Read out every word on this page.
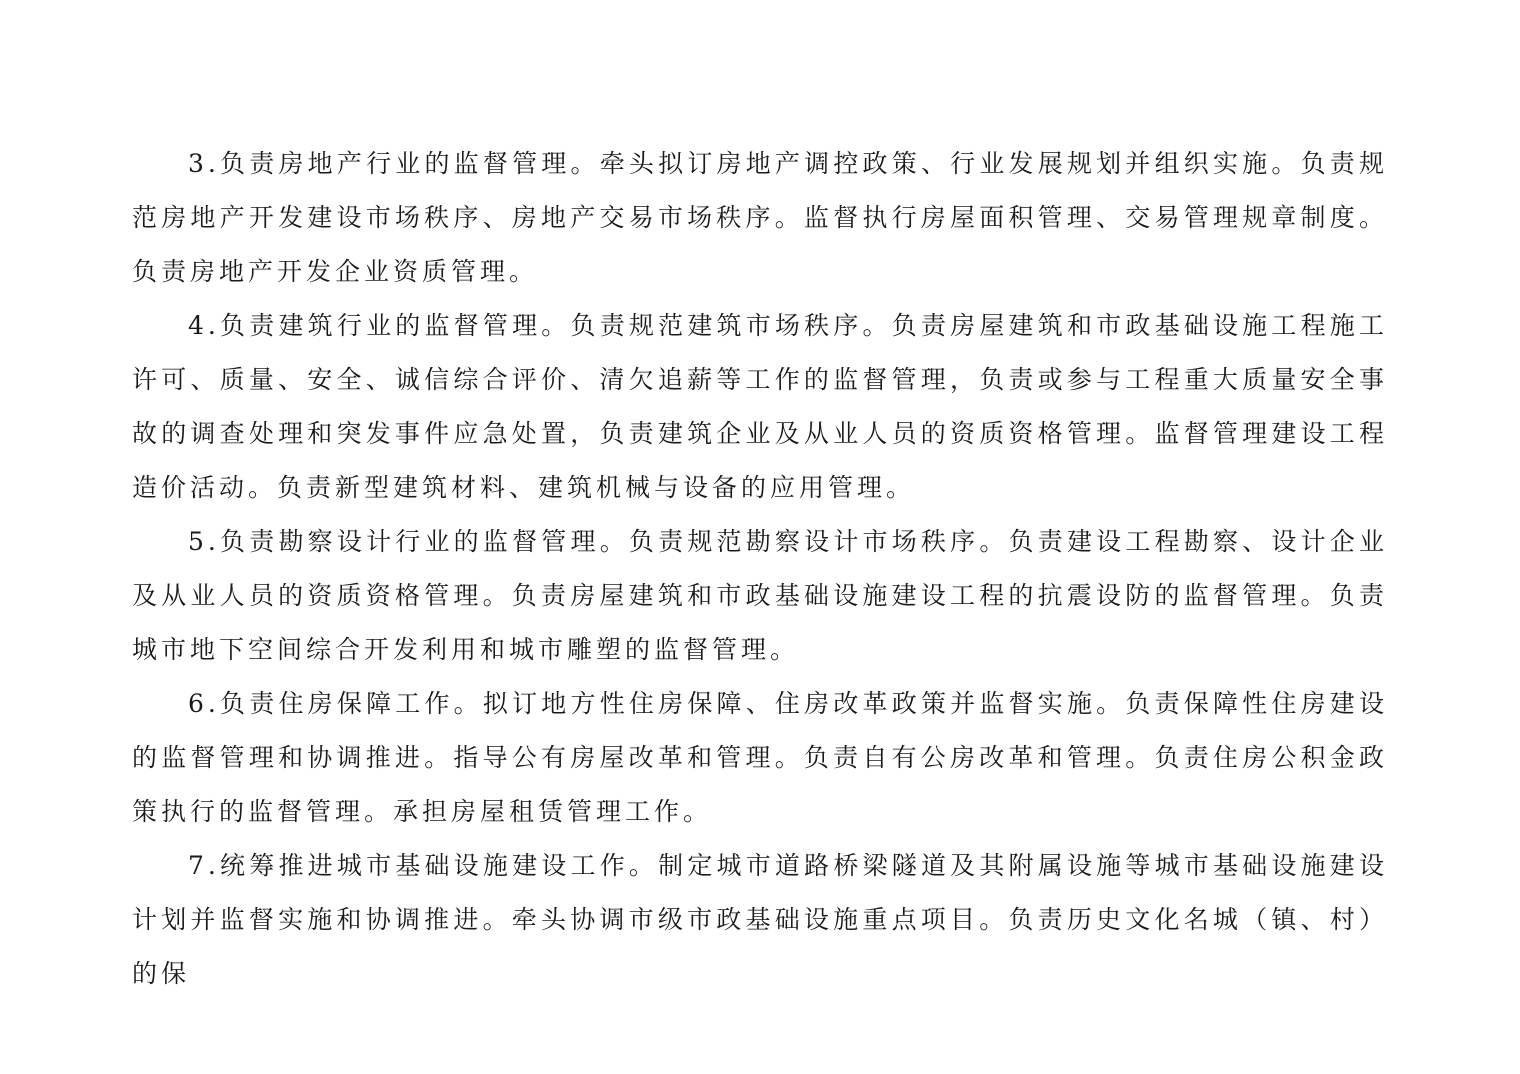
3.负责房地产行业的监督管理。牵头拟订房地产调控政策、行业发展规划并组织实施。负责规范房地产开发建设市场秩序、房地产交易市场秩序。监督执行房屋面积管理、交易管理规章制度。负责房地产开发企业资质管理。

4.负责建筑行业的监督管理。负责规范建筑市场秩序。负责房屋建筑和市政基础设施工程施工许可、质量、安全、诚信综合评价、清欠追薪等工作的监督管理，负责或参与工程重大质量安全事故的调查处理和突发事件应急处置，负责建筑企业及从业人员的资质资格管理。监督管理建设工程造价活动。负责新型建筑材料、建筑机械与设备的应用管理。

5.负责勘察设计行业的监督管理。负责规范勘察设计市场秩序。负责建设工程勘察、设计企业及从业人员的资质资格管理。负责房屋建筑和市政基础设施建设工程的抗震设防的监督管理。负责城市地下空间综合开发利用和城市雕塑的监督管理。

6.负责住房保障工作。拟订地方性住房保障、住房改革政策并监督实施。负责保障性住房建设的监督管理和协调推进。指导公有房屋改革和管理。负责自有公房改革和管理。负责住房公积金政策执行的监督管理。承担房屋租赁管理工作。

7.统筹推进城市基础设施建设工作。制定城市道路桥梁隧道及其附属设施等城市基础设施建设计划并监督实施和协调推进。牵头协调市级市政基础设施重点项目。负责历史文化名城（镇、村）的保
